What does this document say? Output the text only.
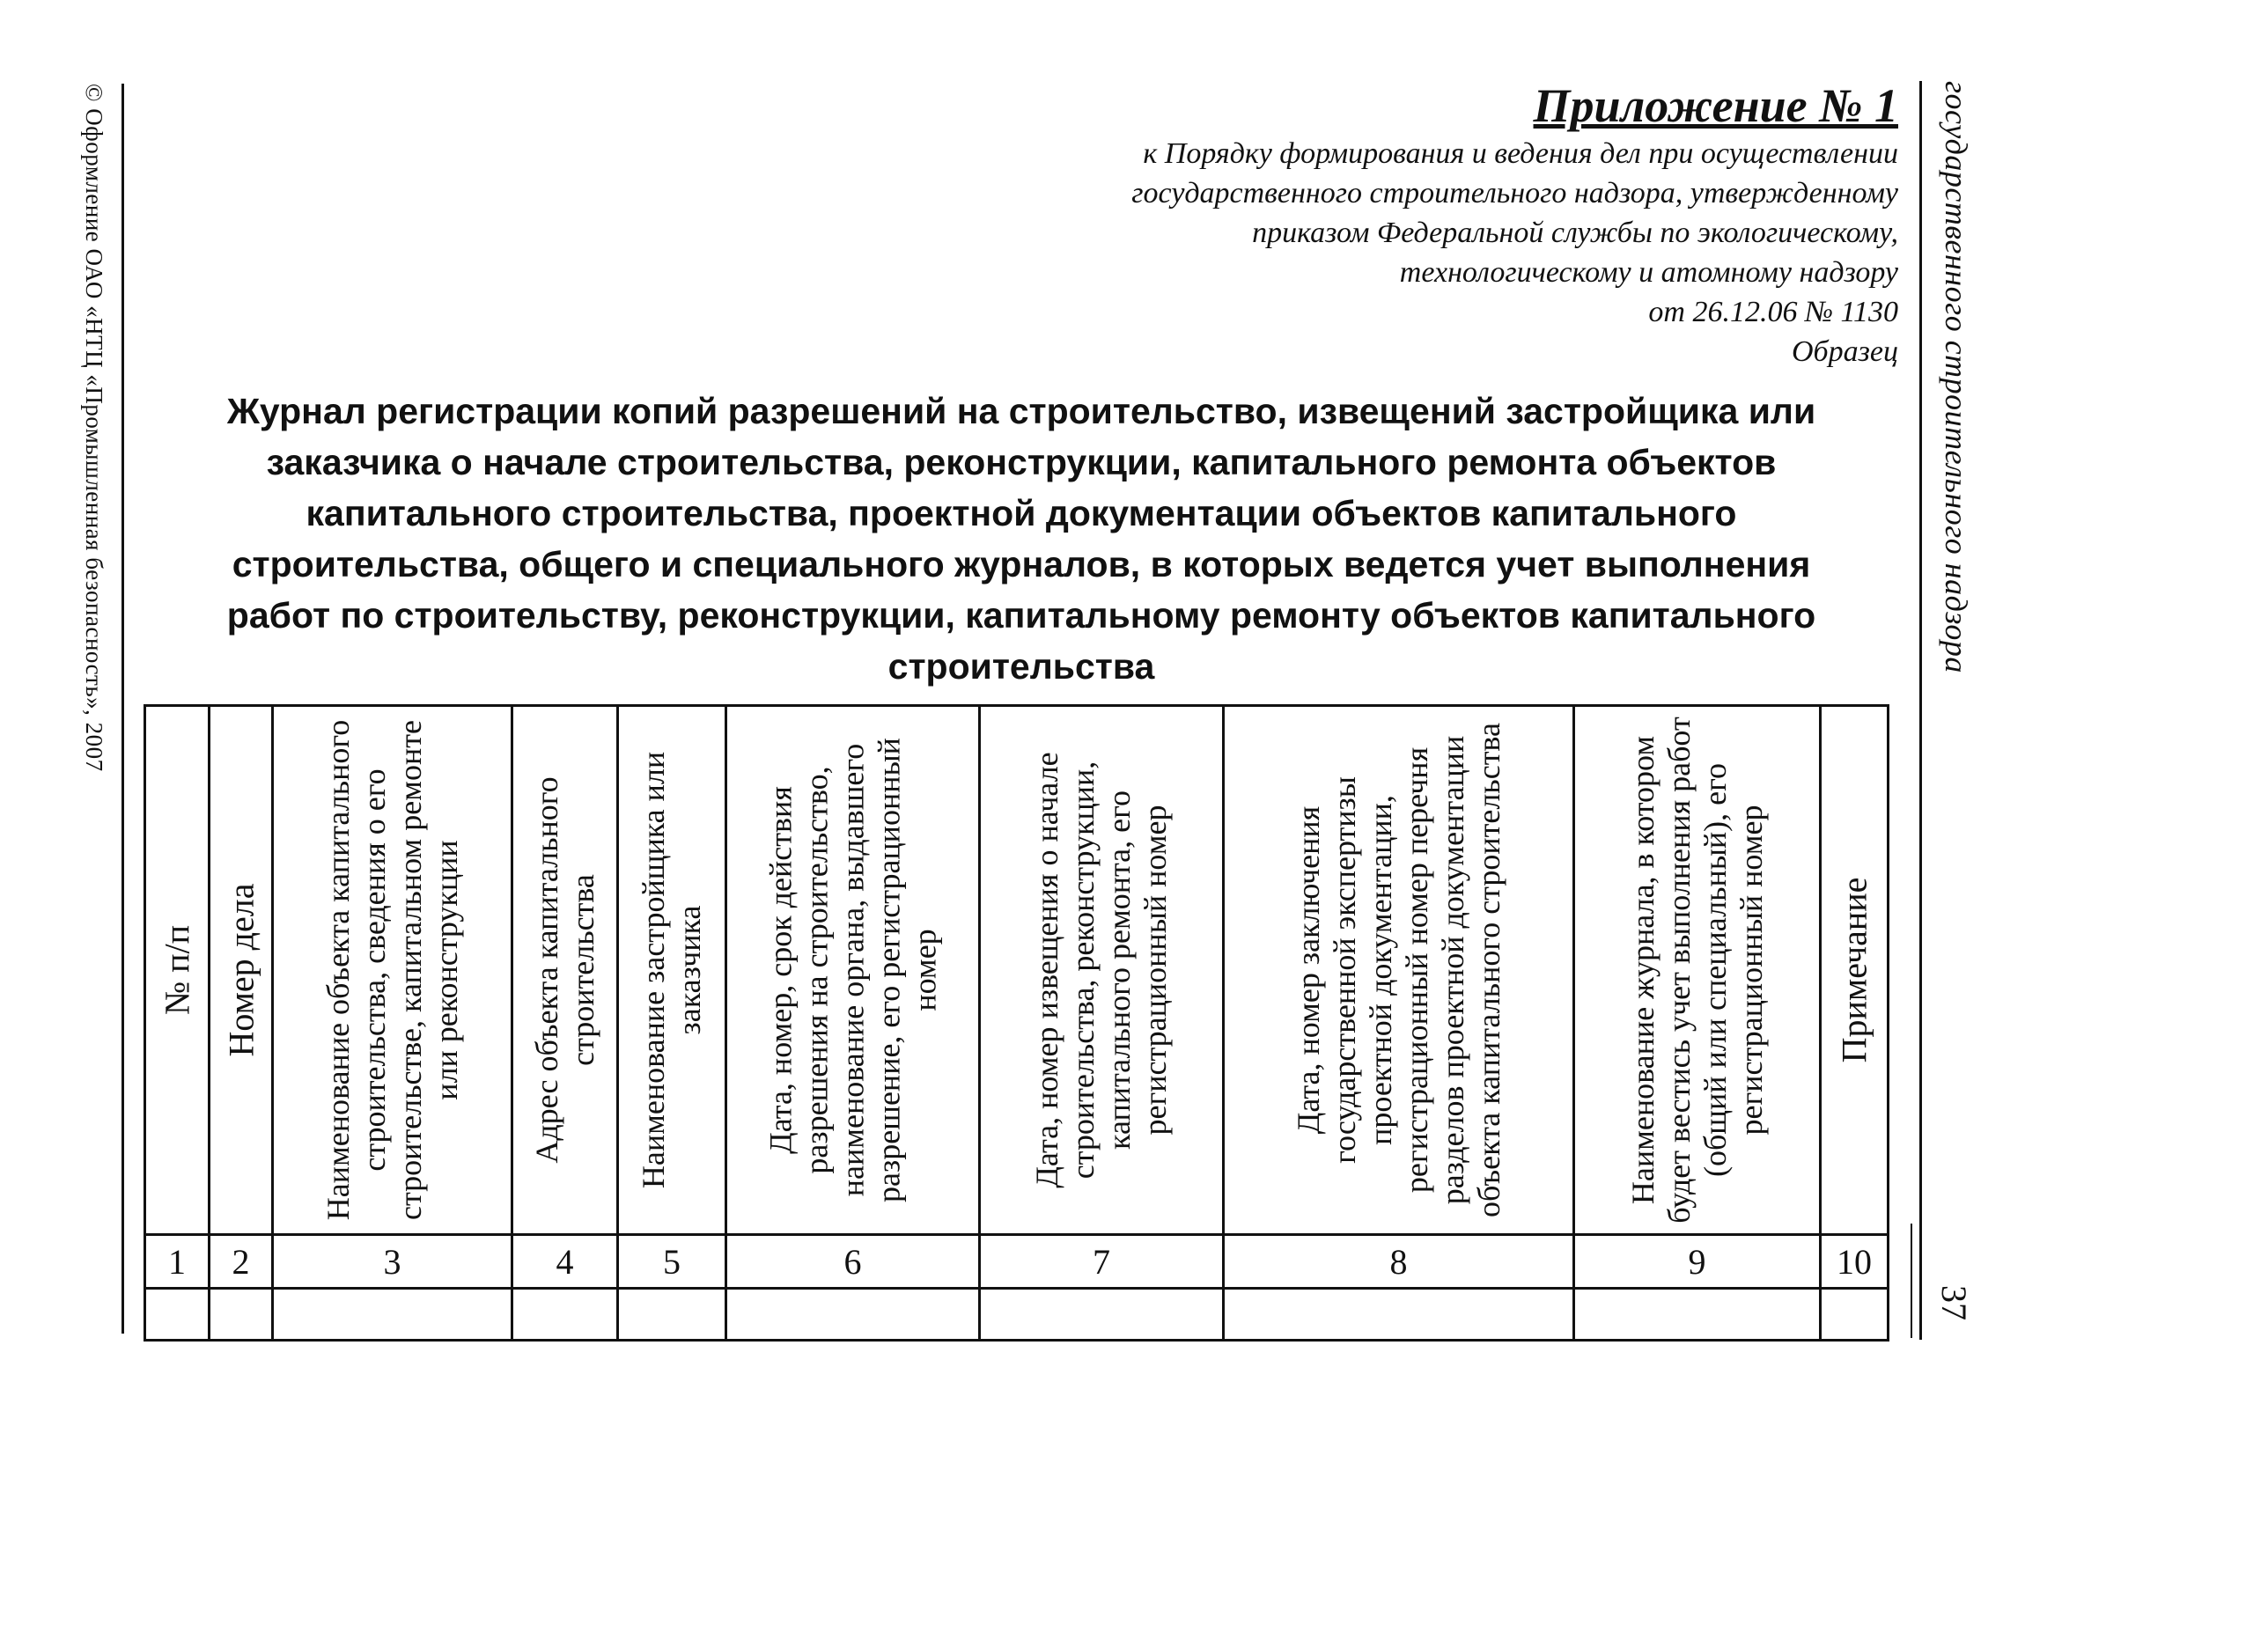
© Оформление ОАО «НТЦ «Промышленная безопасность», 2007	государственного строительного надзора
37
Приложение № 1
к Порядку формирования и ведения дел при осуществлении
государственного строительного надзора, утвержденному
приказом Федеральной службы по экологическому,
технологическому и атомному надзору
от 26.12.06 № 1130
Образец
Журнал регистрации копий разрешений на строительство, извещений застройщика или
заказчика о начале строительства, реконструкции, капитального ремонта объектов
капитального строительства, проектной документации объектов капитального
строительства, общего и специального журналов, в которых ведется учет выполнения
работ по строительству, реконструкции, капитальному ремонту объектов капитального
строительства
№ п/п	Номер дела	Наименование объекта капитального строительства, сведения о его строительстве, капитальном ремонте или реконструкции	Адрес объекта капитального строительства	Наименование застройщика или заказчика	Дата, номер, срок действия разрешения на строительство, наименование органа, выдавшего разрешение, его регистрационный номер	Дата, номер извещения о начале строительства, реконструкции, капитального ремонта, его регистрационный номер	Дата, номер заключения государственной экспертизы проектной документации, регистрационный номер перечня разделов проектной документации объекта капитального строительства	Наименование журнала, в котором будет вестись учет выполнения работ (общий или специальный), его регистрационный номер	Примечание

1	2	3	4	5	6	7	8	9	10
